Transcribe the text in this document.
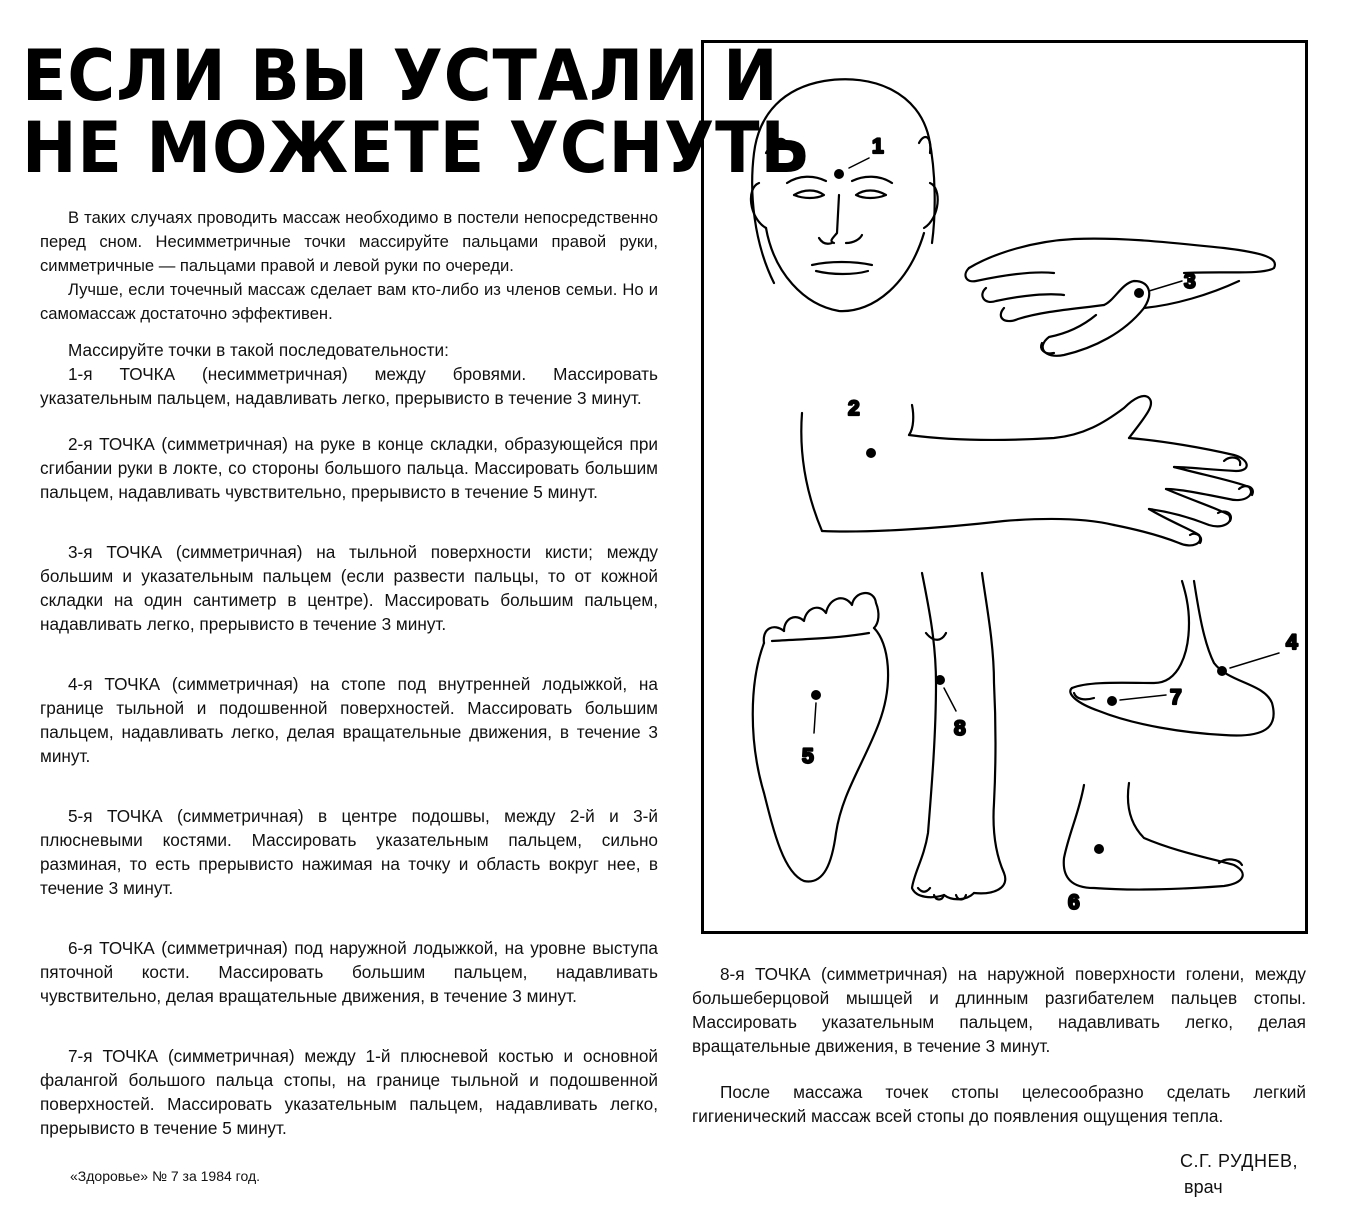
ЕСЛИ ВЫ УСТАЛИ И
НЕ МОЖЕТЕ УСНУТЬ

В таких случаях проводить массаж необходимо в постели непосредственно перед сном. Несимметричные точки массируйте пальцами правой руки, симметричные — пальцами правой и левой руки по очереди.

Лучше, если точечный массаж сделает вам кто-либо из членов семьи. Но и самомассаж достаточно эффективен.

Массируйте точки в такой последовательности:

1-я ТОЧКА (несимметричная) между бровями. Массировать указательным пальцем, надавливать легко, прерывисто в течение 3 минут.

2-я ТОЧКА (симметричная) на руке в конце складки, образующейся при сгибании руки в локте, со стороны большого пальца. Массировать большим пальцем, надавливать чувствительно, прерывисто в течение 5 минут.

3-я ТОЧКА (симметричная) на тыльной поверхности кисти; между большим и указательным пальцем (если развести пальцы, то от кожной складки на один сантиметр в центре). Массировать большим пальцем, надавливать легко, прерывисто в течение 3 минут.

4-я ТОЧКА (симметричная) на стопе под внутренней лодыжкой, на границе тыльной и подошвенной поверхностей. Массировать большим пальцем, надавливать легко, делая вращательные движения, в течение 3 минут.

5-я ТОЧКА (симметричная) в центре подошвы, между 2-й и 3-й плюсневыми костями. Массировать указательным пальцем, сильно разминая, то есть прерывисто нажимая на точку и область вокруг нее, в течение 3 минут.

6-я ТОЧКА (симметричная) под наружной лодыжкой, на уровне выступа пяточной кости. Массировать большим пальцем, надавливать чувствительно, делая вращательные движения, в течение 3 минут.

7-я ТОЧКА (симметричная) между 1-й плюсневой костью и основной фалангой большого пальца стопы, на границе тыльной и подошвенной поверхностей. Массировать указательным пальцем, надавливать легко, прерывисто в течение 5 минут.

«Здоровье» № 7 за 1984 год.
1
2
3
4
5
6
7
8

8-я ТОЧКА (симметричная) на наружной поверхности голени, между большеберцовой мышцей и длинным разгибателем пальцев стопы. Массировать указательным пальцем, надавливать легко, делая вращательные движения, в течение 3 минут.

После массажа точек стопы целесообразно сделать легкий гигиенический массаж всей стопы до появления ощущения тепла.

С.Г. РУДНЕВ,
врач
